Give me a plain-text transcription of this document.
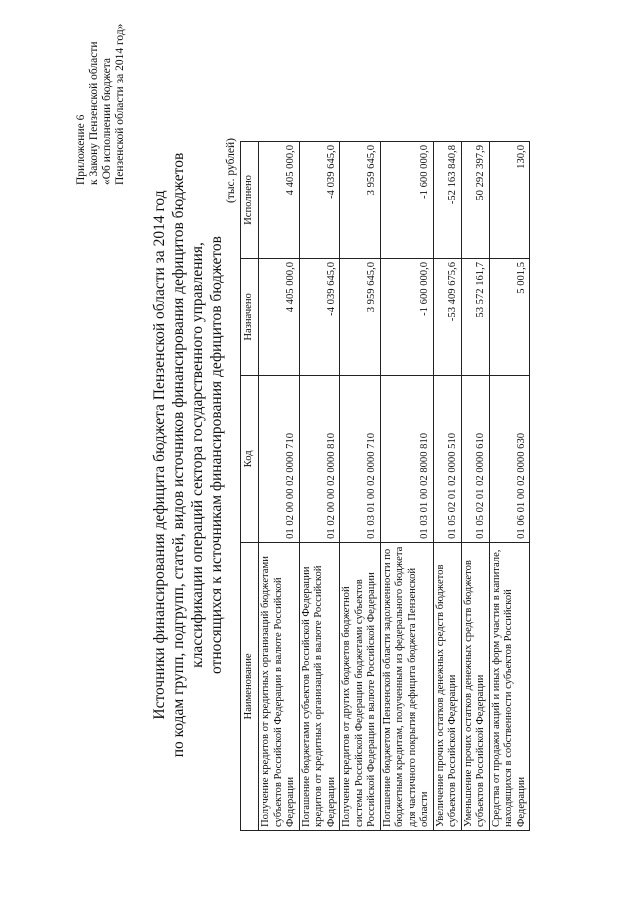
Приложение 6 к Закону Пензенской области «Об исполнении бюджета Пензенской области за 2014 год»
Источники финансирования дефицита бюджета Пензенской области за 2014 год по кодам групп, подгрупп, статей, видов источников финансирования дефицитов бюджетов классификации операций сектора государственного управления, относящихся к источникам финансирования дефицитов бюджетов
(тыс. рублей)
Наименование	Код	Назначено	Исполнено
Получение кредитов от кредитных организаций бюджетами субъектов Российской Федерации в валюте Российской Федерации	01 02 00 00 02 0000 710	4 405 000,0	4 405 000,0
Погашение бюджетами субъектов Российской Федерации кредитов от кредитных организаций в валюте Российской Федерации	01 02 00 00 02 0000 810	-4 039 645,0	-4 039 645,0
Получение кредитов от других бюджетов бюджетной системы Российской Федерации бюджетами субъектов Российской Федерации в валюте Российской Федерации	01 03 01 00 02 0000 710	3 959 645,0	3 959 645,0
Погашение бюджетом Пензенской области задолженности по бюджетным кредитам, полученным из федерального бюджета для частичного покрытия дефицита бюджета Пензенской области	01 03 01 00 02 8000 810	-1 600 000,0	-1 600 000,0
Увеличение прочих остатков денежных средств бюджетов субъектов Российской Федерации	01 05 02 01 02 0000 510	-53 409 675,6	-52 163 840,8
Уменьшение прочих остатков денежных средств бюджетов субъектов Российской Федерации	01 05 02 01 02 0000 610	53 572 161,7	50 292 397,9
Средства от продажи акций и иных форм участия в капитале, находящихся в собственности субъектов Российской Федерации	01 06 01 00 02 0000 630	5 001,5	130,0
